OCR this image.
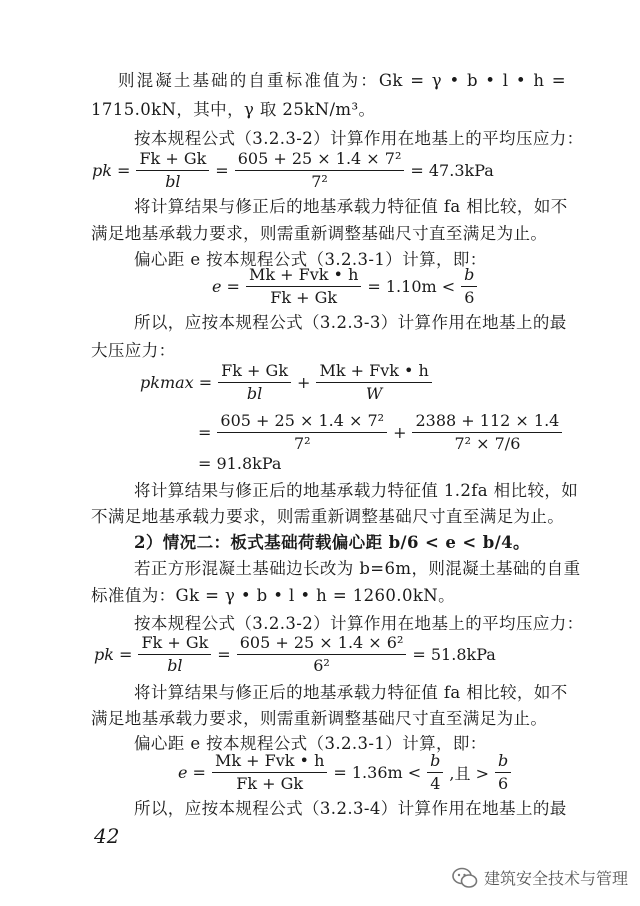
则混凝土基础的自重标准值为：Gk = γ • b • l • h =
1715.0kN，其中，γ 取 25kN/m³。
按本规程公式（3.2.3-2）计算作用在地基上的平均压应力：
pk = $\frac{Fk + Gk}{bl} = \frac{\text{605 + 25 × 1.4 × 7²}}{\text{7²}} = 47.3kPa$
将计算结果与修正后的地基承载力特征值 fa 相比较，如不
满足地基承载力要求，则需重新调整基础尺寸直至满足为止。
偏心距 e 按本规程公式（3.2.3-1）计算，即：
$e = \frac{\text{Mk + Fvk • h}}{Fk + Gk} = 1.10m < \frac{b}{6}$
所以，应按本规程公式（3.2.3-3）计算作用在地基上的最
大压应力：
$pkmax = \frac{Fk + Gk}{bl} + \frac{\text{Mk + Fvk • h}}{W}$
= $\frac{\text{605 + 25 × 1.4 × 7²}}{\text{7²}} + \frac{2388 + 112 \times 1.4}{\text{7² × 7/6}}$
= 91.8kPa
将计算结果与修正后的地基承载力特征值 1.2fa 相比较，如
不满足地基承载力要求，则需重新调整基础尺寸直至满足为止。
2）情况二：板式基础荷载偏心距 b/6 < e < b/4。
若正方形混凝土基础边长改为 b=6m，则混凝土基础的自重
标准值为：Gk = γ • b • l • h = 1260.0kN。
按本规程公式（3.2.3-2）计算作用在地基上的平均压应力：
pk = $\frac{Fk + Gk}{bl} = \frac{\text{605 + 25 × 1.4 × 6²}}{\text{6²}} = 51.8kPa$
将计算结果与修正后的地基承载力特征值 fa 相比较，如不
满足地基承载力要求，则需重新调整基础尺寸直至满足为止。
偏心距 e 按本规程公式（3.2.3-1）计算，即：
$e = \frac{\text{Mk + Fvk • h}}{Fk + Gk} = 1.36m < \frac{b}{4}$ ,且 > $\frac{b}{6}$
所以，应按本规程公式（3.2.3-4）计算作用在地基上的最
42
建筑安全技术与管理
